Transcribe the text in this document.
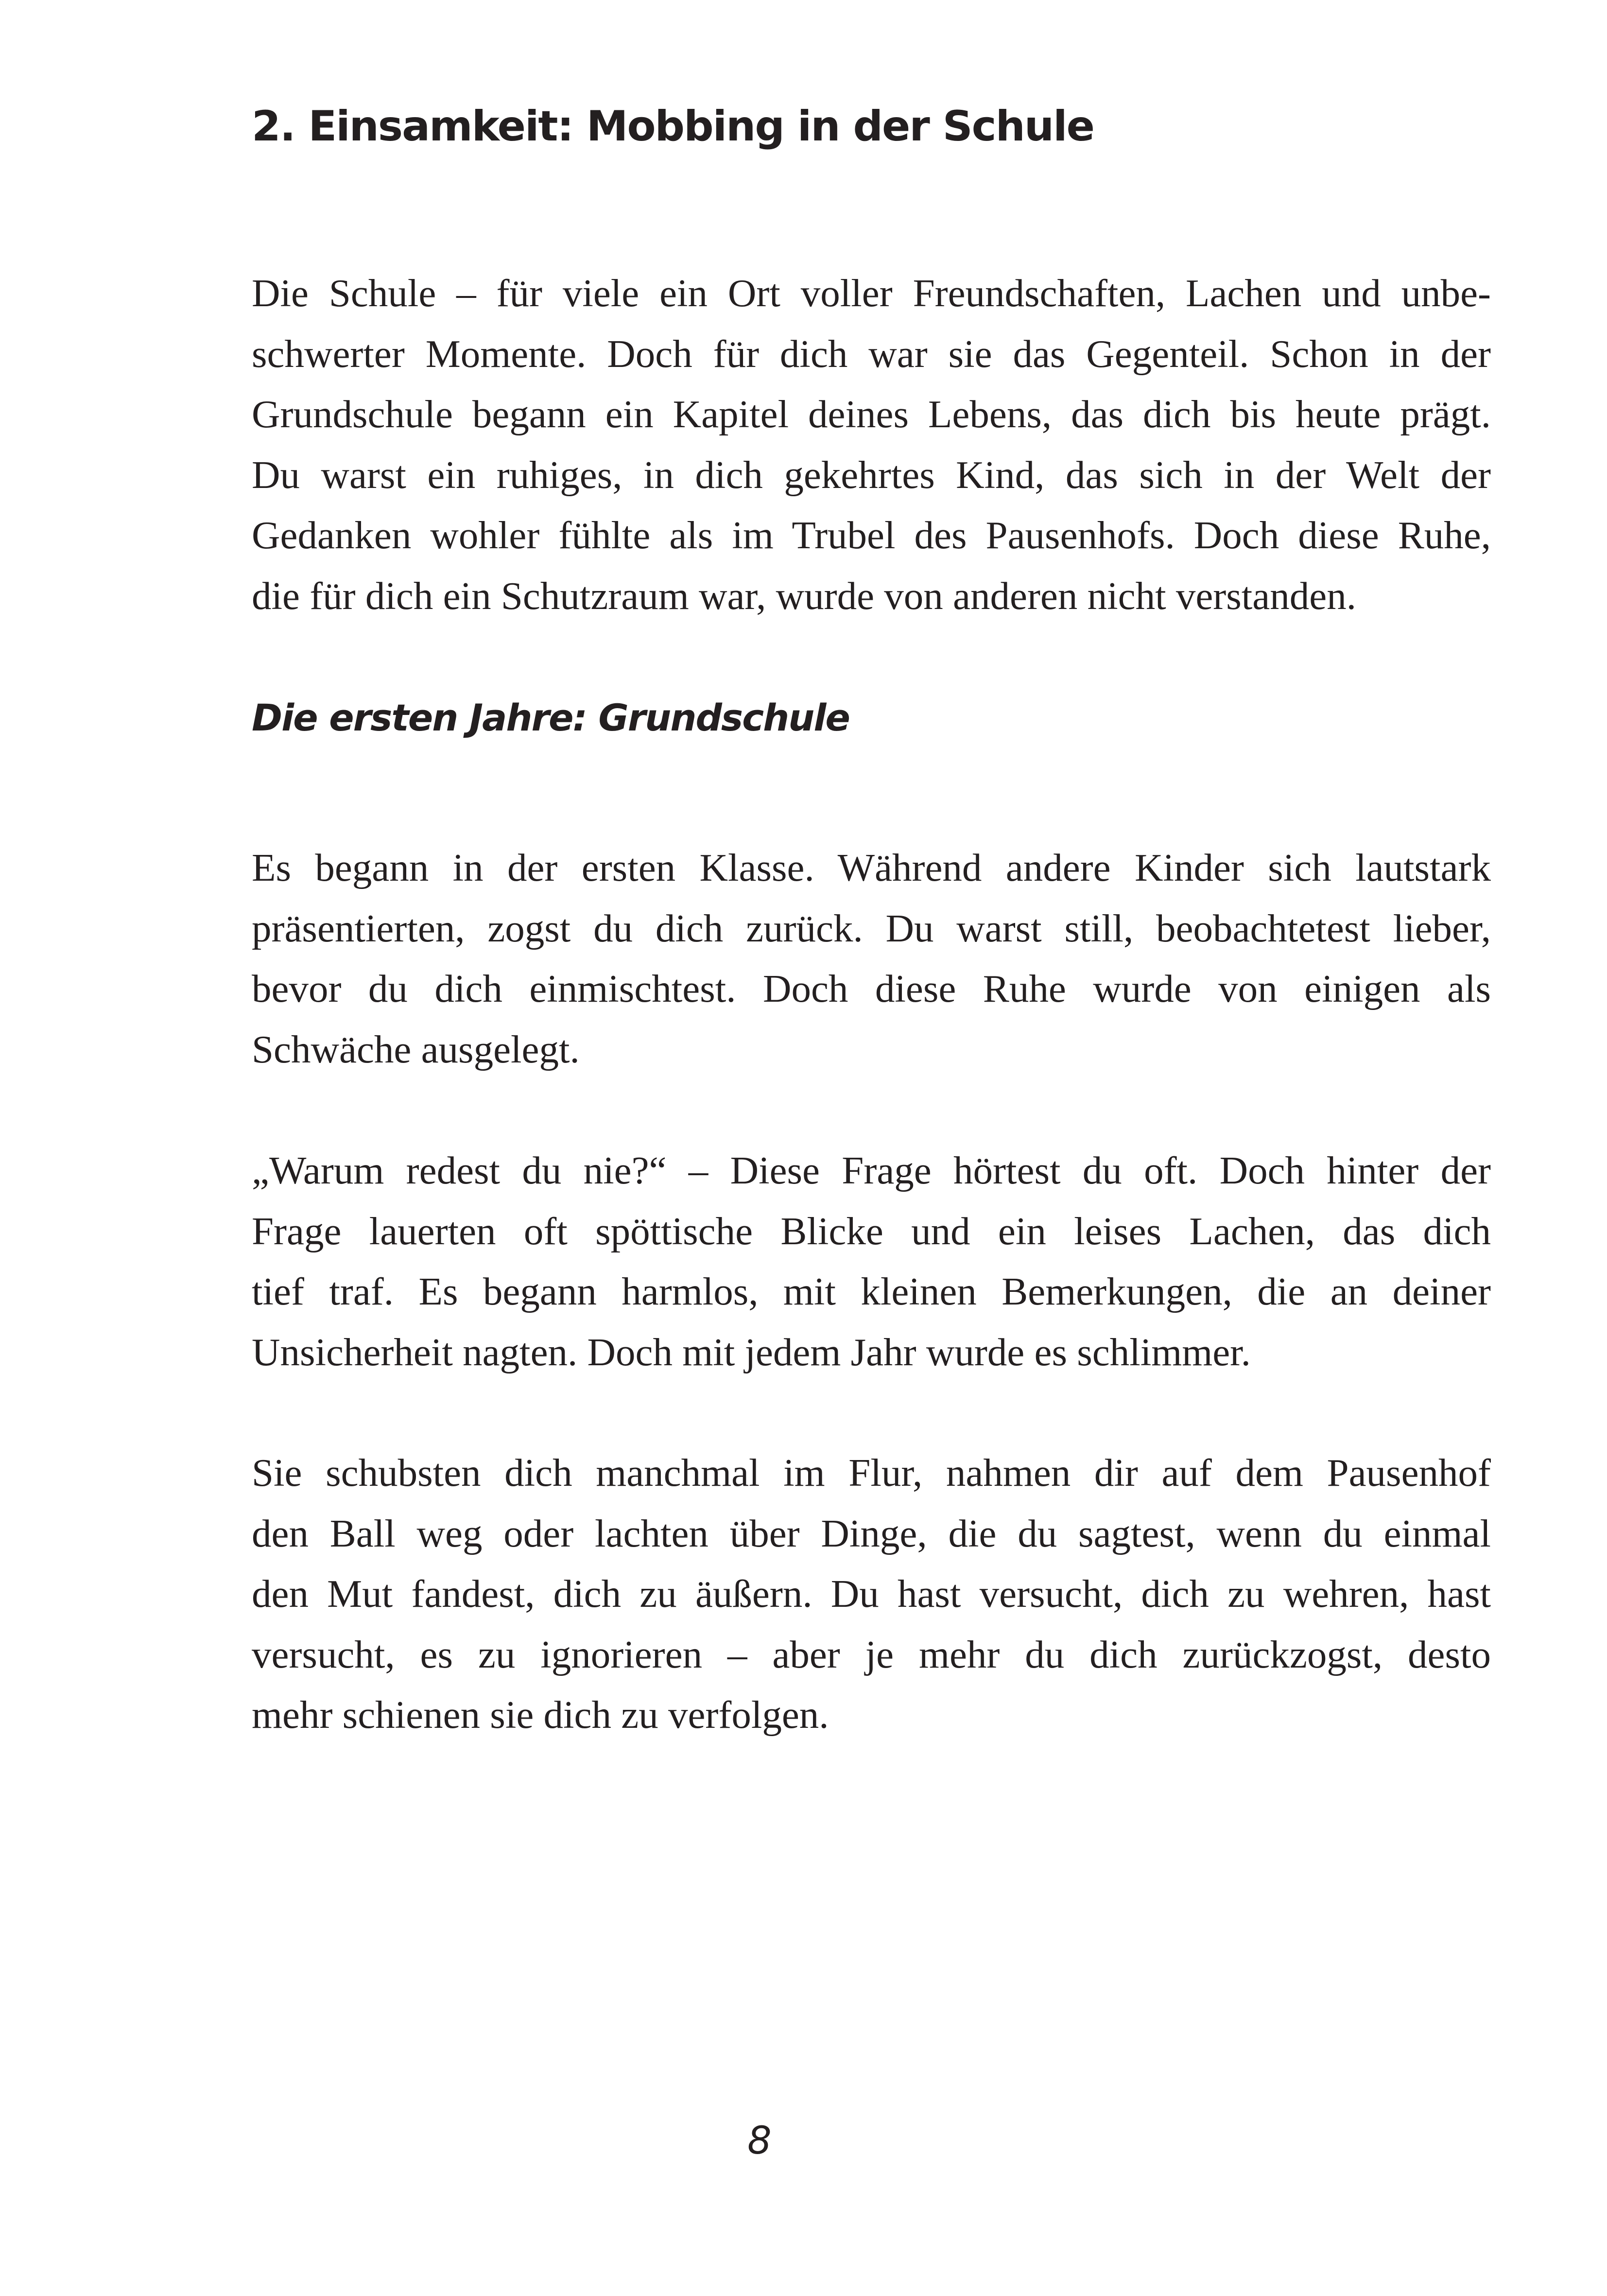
2. Einsamkeit: Mobbing in der Schule

Die Schule – für viele ein Ort voller Freundschaften, Lachen und unbe-
schwerter Momente. Doch für dich war sie das Gegenteil. Schon in der
Grundschule begann ein Kapitel deines Lebens, das dich bis heute prägt.
Du warst ein ruhiges, in dich gekehrtes Kind, das sich in der Welt der
Gedanken wohler fühlte als im Trubel des Pausenhofs. Doch diese Ruhe,
die für dich ein Schutzraum war, wurde von anderen nicht verstanden.

Die ersten Jahre: Grundschule

Es begann in der ersten Klasse. Während andere Kinder sich lautstark
präsentierten, zogst du dich zurück. Du warst still, beobachtetest lieber,
bevor du dich einmischtest. Doch diese Ruhe wurde von einigen als
Schwäche ausgelegt.

„Warum redest du nie?“ – Diese Frage hörtest du oft. Doch hinter der
Frage lauerten oft spöttische Blicke und ein leises Lachen, das dich
tief traf. Es begann harmlos, mit kleinen Bemerkungen, die an deiner
Unsicherheit nagten. Doch mit jedem Jahr wurde es schlimmer.

Sie schubsten dich manchmal im Flur, nahmen dir auf dem Pausenhof
den Ball weg oder lachten über Dinge, die du sagtest, wenn du einmal
den Mut fandest, dich zu äußern. Du hast versucht, dich zu wehren, hast
versucht, es zu ignorieren – aber je mehr du dich zurückzogst, desto
mehr schienen sie dich zu verfolgen.

8
